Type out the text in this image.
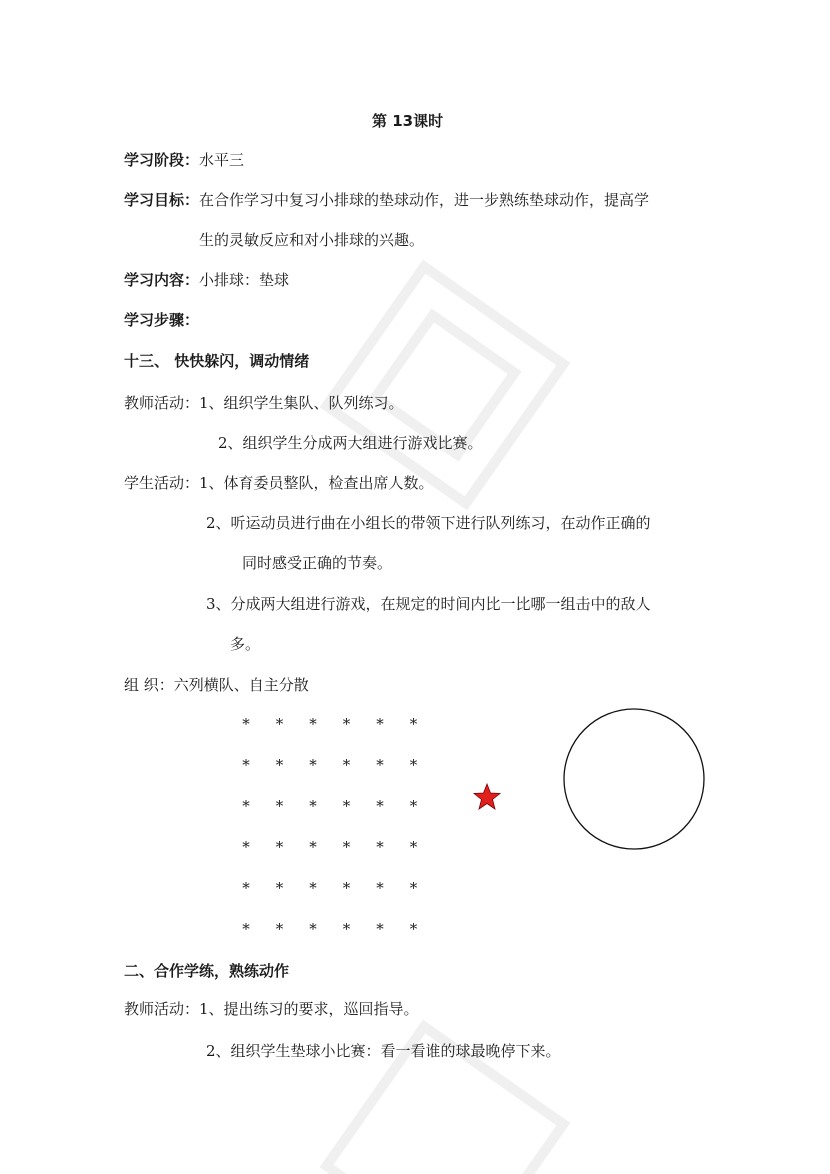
第 13课时
学习阶段：水平三
学习目标：在合作学习中复习小排球的垫球动作，进一步熟练垫球动作，提高学
生的灵敏反应和对小排球的兴趣。
学习内容：小排球：垫球
学习步骤：
十三、 快快躲闪，调动情绪
教师活动：1、组织学生集队、队列练习。
2、组织学生分成两大组进行游戏比赛。
学生活动：1、体育委员整队，检查出席人数。
2、听运动员进行曲在小组长的带领下进行队列练习，在动作正确的
同时感受正确的节奏。
3、分成两大组进行游戏，在规定的时间内比一比哪一组击中的敌人
多。
组 织：六列横队、自主分散
*	*	*	*	*	*
*	*	*	*	*	*
*	*	*	*	*	*
*	*	*	*	*	*
*	*	*	*	*	*
*	*	*	*	*	*
二、合作学练，熟练动作
教师活动：1、提出练习的要求，巡回指导。
2、组织学生垫球小比赛：看一看谁的球最晚停下来。
